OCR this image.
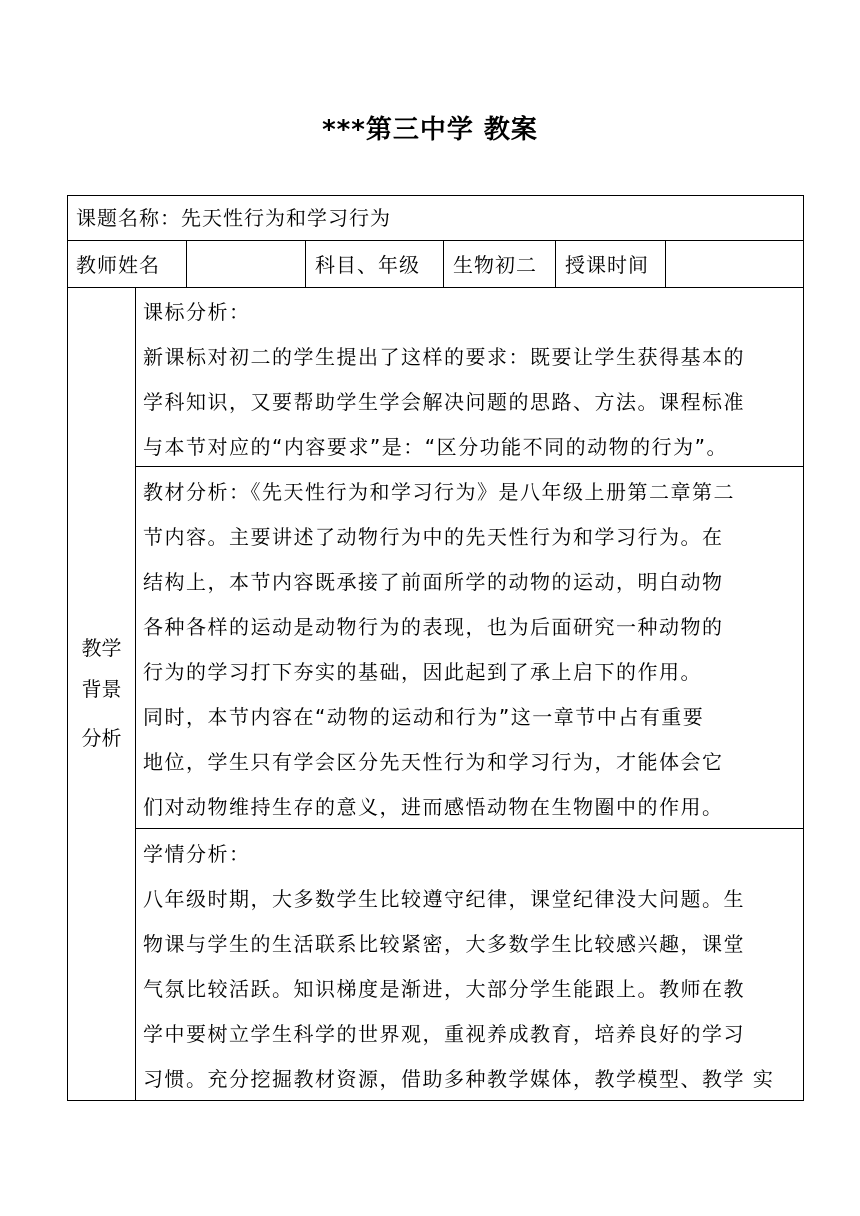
***第三中学 教案
课题名称：先天性行为和学习行为
教师姓名	科目、年级 生物初二 授课时间
教学
背景
分析
课标分析：
新课标对初二的学生提出了这样的要求：既要让学生获得基本的
学科知识，又要帮助学生学会解决问题的思路、方法。课程标准
与本节对应的“内容要求”是：“区分功能不同的动物的行为”。
教材分析：《先天性行为和学习行为》是八年级上册第二章第二
节内容。主要讲述了动物行为中的先天性行为和学习行为。在
结构上，本节内容既承接了前面所学的动物的运动，明白动物
各种各样的运动是动物行为的表现，也为后面研究一种动物的
行为的学习打下夯实的基础，因此起到了承上启下的作用。
同时，本节内容在“动物的运动和行为”这一章节中占有重要
地位，学生只有学会区分先天性行为和学习行为，才能体会它
们对动物维持生存的意义，进而感悟动物在生物圈中的作用。
学情分析：
八年级时期，大多数学生比较遵守纪律，课堂纪律没大问题。生
物课与学生的生活联系比较紧密，大多数学生比较感兴趣，课堂
气氛比较活跃。知识梯度是渐进，大部分学生能跟上。教师在教
学中要树立学生科学的世界观，重视养成教育，培养良好的学习
习惯。充分挖掘教材资源，借助多种教学媒体，教学模型、教学 实
